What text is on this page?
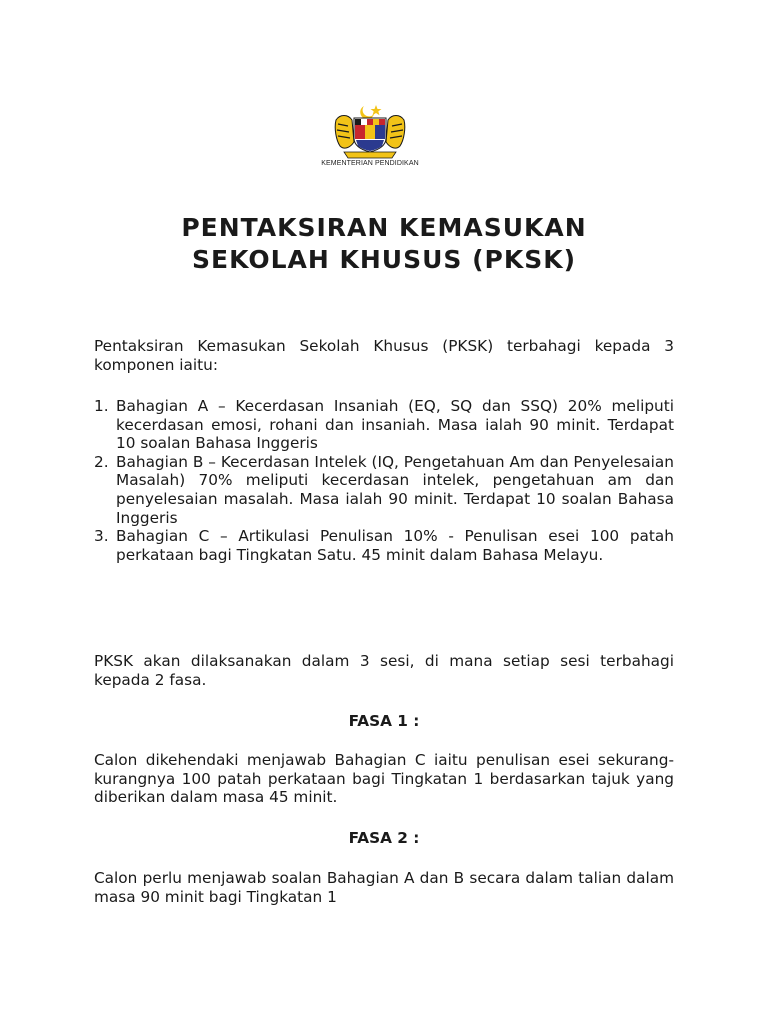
KEMENTERIAN PENDIDIKAN
PENTAKSIRAN KEMASUKAN
SEKOLAH KHUSUS (PKSK)

Pentaksiran Kemasukan Sekolah Khusus (PKSK) terbahagi kepada 3 komponen iaitu:

1. Bahagian A – Kecerdasan Insaniah (EQ, SQ dan SSQ) 20% meliputi kecerdasan emosi, rohani dan insaniah. Masa ialah 90 minit. Terdapat 10 soalan Bahasa Inggeris
2. Bahagian B – Kecerdasan Intelek (IQ, Pengetahuan Am dan Penyelesaian Masalah) 70% meliputi kecerdasan intelek, pengetahuan am dan penyelesaian masalah. Masa ialah 90 minit. Terdapat 10 soalan Bahasa Inggeris
3. Bahagian C – Artikulasi Penulisan 10% - Penulisan esei 100 patah perkataan bagi Tingkatan Satu. 45 minit dalam Bahasa Melayu.

PKSK akan dilaksanakan dalam 3 sesi, di mana setiap sesi terbahagi kepada 2 fasa.

FASA 1 :

Calon dikehendaki menjawab Bahagian C iaitu penulisan esei sekurang-kurangnya 100 patah perkataan bagi Tingkatan 1 berdasarkan tajuk yang diberikan dalam masa 45 minit.

FASA 2 :

Calon perlu menjawab soalan Bahagian A dan B secara dalam talian dalam masa 90 minit bagi Tingkatan 1
